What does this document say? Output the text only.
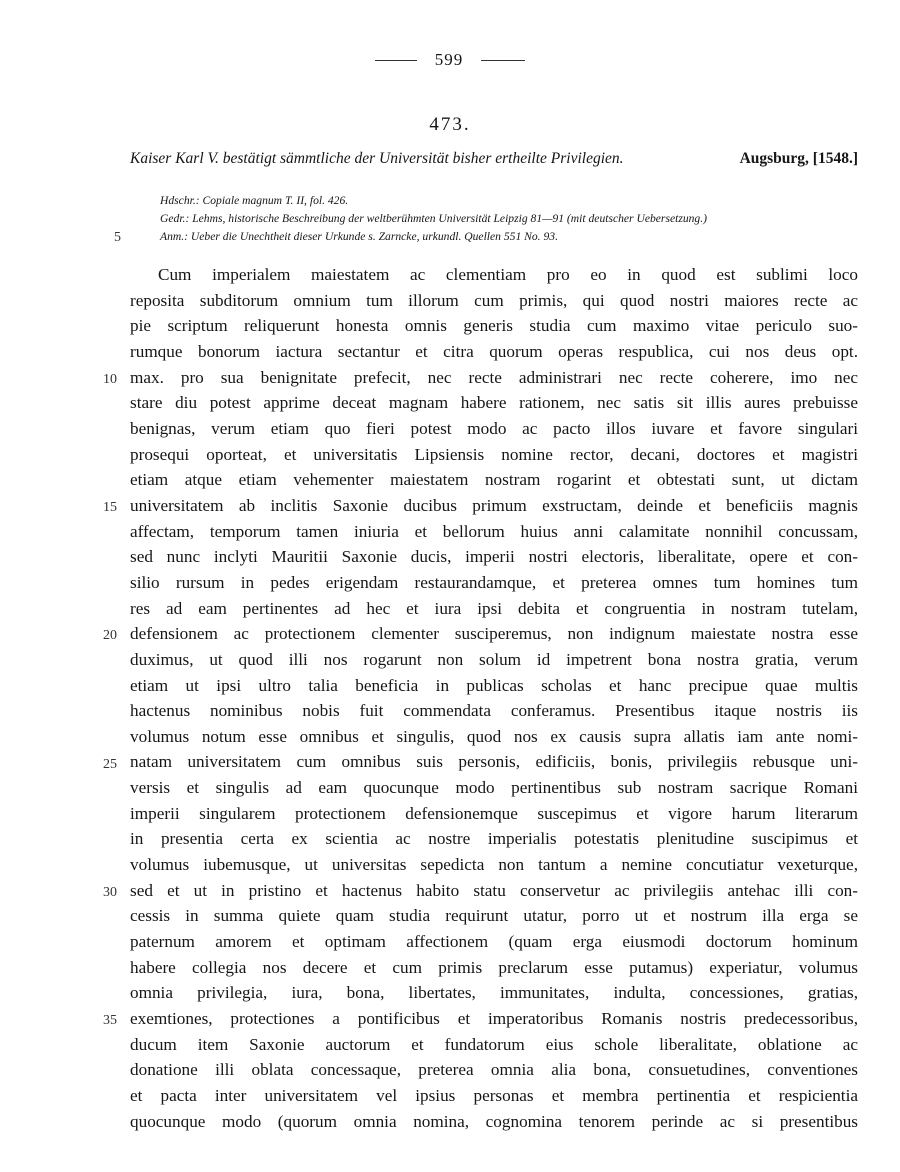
599
473.
Kaiser Karl V. bestätigt sämmtliche der Universität bisher ertheilte Privilegien.	Augsburg, [1548.]
Hdschr.: Copiale magnum T. II, fol. 426.
Gedr.: Lehms, historische Beschreibung der weltberühmten Universität Leipzig 81—91 (mit deutscher Uebersetzung.)
Anm.: Ueber die Unechtheit dieser Urkunde s. Zarncke, urkundl. Quellen 551 No. 93.
5
10
15
20
25
30
35
Cum imperialem maiestatem ac clementiam pro eo in quod est sublimi loco
reposita subditorum omnium tum illorum cum primis, qui quod nostri maiores recte ac
pie scriptum reliquerunt honesta omnis generis studia cum maximo vitae periculo suo-
rumque bonorum iactura sectantur et citra quorum operas respublica, cui nos deus opt.
max. pro sua benignitate prefecit, nec recte administrari nec recte coherere, imo nec
stare diu potest apprime deceat magnam habere rationem, nec satis sit illis aures prebuisse
benignas, verum etiam quo fieri potest modo ac pacto illos iuvare et favore singulari
prosequi oporteat, et universitatis Lipsiensis nomine rector, decani, doctores et magistri
etiam atque etiam vehementer maiestatem nostram rogarint et obtestati sunt, ut dictam
universitatem ab inclitis Saxonie ducibus primum exstructam, deinde et beneficiis magnis
affectam, temporum tamen iniuria et bellorum huius anni calamitate nonnihil concussam,
sed nunc inclyti Mauritii Saxonie ducis, imperii nostri electoris, liberalitate, opere et con-
silio rursum in pedes erigendam restaurandamque, et preterea omnes tum homines tum
res ad eam pertinentes ad hec et iura ipsi debita et congruentia in nostram tutelam,
defensionem ac protectionem clementer susciperemus, non indignum maiestate nostra esse
duximus, ut quod illi nos rogarunt non solum id impetrent bona nostra gratia, verum
etiam ut ipsi ultro talia beneficia in publicas scholas et hanc precipue quae multis
hactenus nominibus nobis fuit commendata conferamus. Presentibus itaque nostris iis
volumus notum esse omnibus et singulis, quod nos ex causis supra allatis iam ante nomi-
natam universitatem cum omnibus suis personis, edificiis, bonis, privilegiis rebusque uni-
versis et singulis ad eam quocunque modo pertinentibus sub nostram sacrique Romani
imperii singularem protectionem defensionemque suscepimus et vigore harum literarum
in presentia certa ex scientia ac nostre imperialis potestatis plenitudine suscipimus et
volumus iubemusque, ut universitas sepedicta non tantum a nemine concutiatur vexeturque,
sed et ut in pristino et hactenus habito statu conservetur ac privilegiis antehac illi con-
cessis in summa quiete quam studia requirunt utatur, porro ut et nostrum illa erga se
paternum amorem et optimam affectionem (quam erga eiusmodi doctorum hominum
habere collegia nos decere et cum primis preclarum esse putamus) experiatur, volumus
omnia privilegia, iura, bona, libertates, immunitates, indulta, concessiones, gratias,
exemtiones, protectiones a pontificibus et imperatoribus Romanis nostris predecessoribus,
ducum item Saxonie auctorum et fundatorum eius schole liberalitate, oblatione ac
donatione illi oblata concessaque, preterea omnia alia bona, consuetudines, conventiones
et pacta inter universitatem vel ipsius personas et membra pertinentia et respicientia
quocunque modo (quorum omnia nomina, cognomina tenorem perinde ac si presentibus
